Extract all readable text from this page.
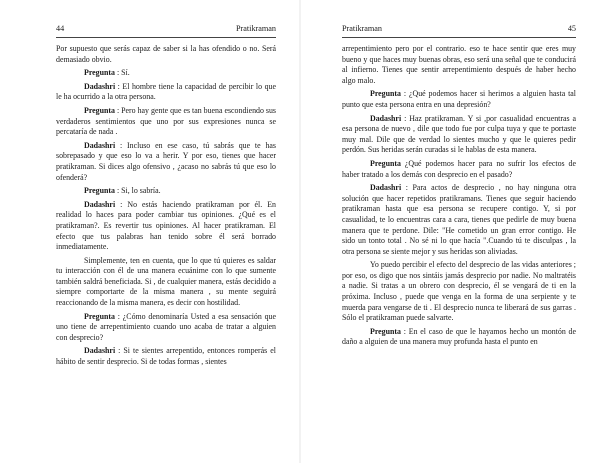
44	Pratikraman

Por supuesto que serás capaz de saber si la has ofendido o no. Será demasiado obvio.

Pregunta : Sí.

Dadashri : El hombre tiene la capacidad de percibir lo que le ha ocurrido a la otra persona.

Pregunta : Pero hay gente que es tan buena escondiendo sus verdaderos sentimientos que uno por sus expresiones nunca se percataría de nada .

Dadashri : Incluso en ese caso, tú sabrás que te has sobrepasado y que eso lo va a herir. Y por eso, tienes que hacer pratikraman. Si dices algo ofensivo , ¿acaso no sabrás tú que eso lo ofenderá?

Pregunta : Si, lo sabría.

Dadashri : No estás haciendo pratikraman por él. En realidad lo haces para poder cambiar tus opiniones. ¿Qué es el pratikraman?. Es revertir tus opiniones. Al hacer pratikraman. El efecto que tus palabras han tenido sobre él será borrado inmediatamente.

Simplemente, ten en cuenta, que lo que tú quieres es saldar tu interacción con él de una manera ecuánime con lo que sumente también saldrá beneficiada. Si , de cualquier manera, estás decidido a siempre comportarte de la misma manera , su mente seguirá reaccionando de la misma manera, es decir con hostilidad.

Pregunta : ¿Cómo denominaría Usted a esa sensación que uno tiene de arrepentimiento cuando uno acaba de tratar a alguien con desprecio?

Dadashri : Si te sientes arrepentido, entonces romperás el hábito de sentir desprecio. Si de todas formas , sientes

Pratikraman	45

arrepentimiento pero por el contrario. eso te hace sentir que eres muy bueno y que haces muy buenas obras, eso será una señal que te conducirá al infierno. Tienes que sentir arrepentimiento después de haber hecho algo malo.

Pregunta : ¿Qué podemos hacer si herimos a alguien hasta tal punto que esta persona entra en una depresión?

Dadashri : Haz pratikraman. Y si ,por casualidad encuentras a esa persona de nuevo , dile que todo fue por culpa tuya y que te portaste muy mal. Dile que de verdad lo sientes mucho y que le quieres pedir perdón. Sus heridas serán curadas si le hablas de esta manera.

Pregunta ¿Qué podemos hacer para no sufrir los efectos de haber tratado a los demás con desprecio en el pasado?

Dadashri : Para actos de desprecio , no hay ninguna otra solución que hacer repetidos pratikramans. Tienes que seguir haciendo pratikraman hasta que esa persona se recupere contigo. Y, si por casualidad, te lo encuentras cara a cara, tienes que pedirle de muy buena manera que te perdone. Dile: "He cometido un gran error contigo. He sido un tonto total . No sé ni lo que hacía ".Cuando tú te disculpas , la otra persona se siente mejor y sus heridas son aliviadas.

Yo puedo percibir el efecto del desprecio de las vidas anteriores ; por eso, os digo que nos sintáis jamás desprecio por nadie. No maltratéis a nadie. Si tratas a un obrero con desprecio, él se vengará de ti en la próxima. Incluso , puede que venga en la forma de una serpiente y te muerda para vengarse de ti . El desprecio nunca te liberará de sus garras . Sólo el pratikraman puede salvarte.

Pregunta : En el caso de que le hayamos hecho un montón de daño a alguien de una manera muy profunda hasta el punto en
